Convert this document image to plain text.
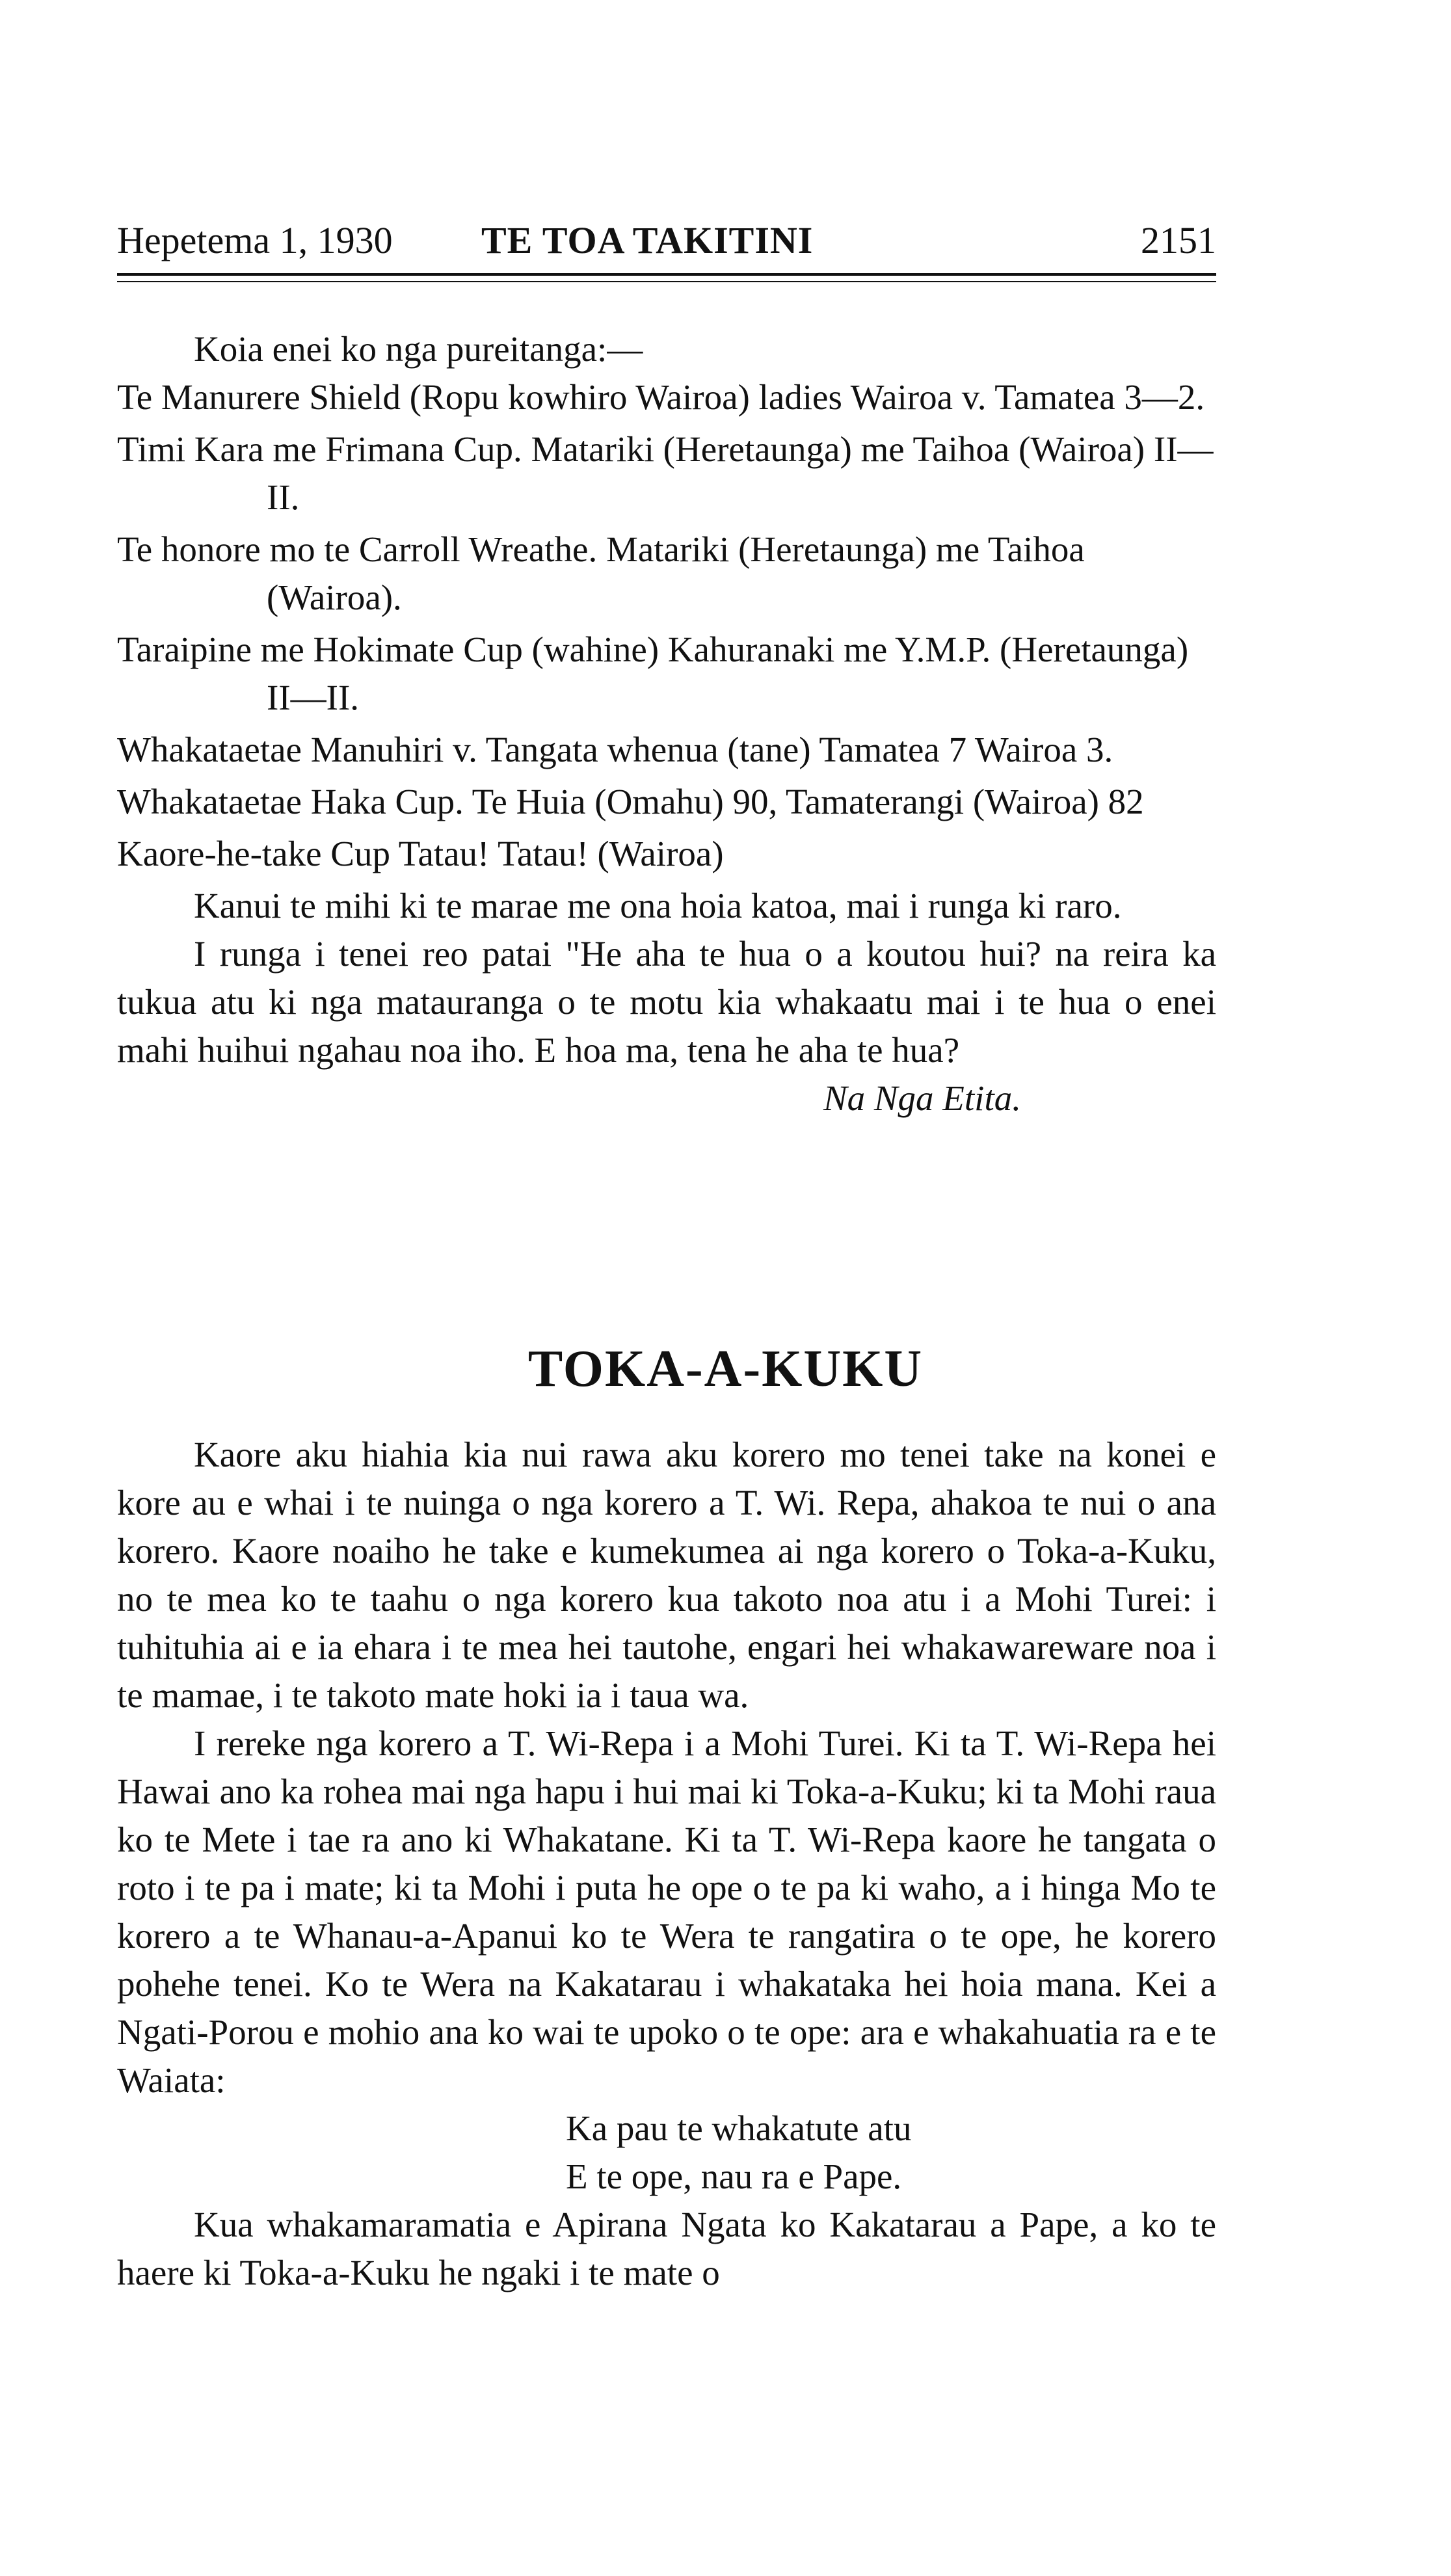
Hepetema 1, 1930 TE TOA TAKITINI	2151

Koia enei ko nga pureitanga:—

Te Manurere Shield (Ropu kowhiro Wairoa) ladies Wairoa v. Tamatea 3—2.

Timi Kara me Frimana Cup. Matariki (Heretaunga) me Taihoa (Wairoa) II—II.

Te honore mo te Carroll Wreathe. Matariki (Heretaunga) me Taihoa (Wairoa).

Taraipine me Hokimate Cup (wahine) Kahuranaki me Y.M.P. (Heretaunga) II—II.

Whakataetae Manuhiri v. Tangata whenua (tane) Tamatea 7 Wairoa 3.

Whakataetae Haka Cup. Te Huia (Omahu) 90, Tamaterangi (Wairoa) 82

Kaore-he-take Cup Tatau! Tatau! (Wairoa)

Kanui te mihi ki te marae me ona hoia katoa, mai i runga ki raro.

I runga i tenei reo patai "He aha te hua o a koutou hui? na reira ka tukua atu ki nga matauranga o te motu kia whakaatu mai i te hua o enei mahi huihui ngahau noa iho. E hoa ma, tena he aha te hua?

Na Nga Etita.

TOKA-A-KUKU

Kaore aku hiahia kia nui rawa aku korero mo tenei take na konei e kore au e whai i te nuinga o nga korero a T. Wi. Repa, ahakoa te nui o ana korero. Kaore noaiho he take e kumekumea ai nga korero o Toka-a-Kuku, no te mea ko te taahu o nga korero kua takoto noa atu i a Mohi Turei: i tuhituhia ai e ia ehara i te mea hei tautohe, engari hei whakawareware noa i te mamae, i te takoto mate hoki ia i taua wa.

I rereke nga korero a T. Wi-Repa i a Mohi Turei. Ki ta T. Wi-Repa hei Hawai ano ka rohea mai nga hapu i hui mai ki Toka-a-Kuku; ki ta Mohi raua ko te Mete i tae ra ano ki Whakatane. Ki ta T. Wi-Repa kaore he tangata o roto i te pa i mate; ki ta Mohi i puta he ope o te pa ki waho, a i hinga Mo te korero a te Whanau-a-Apanui ko te Wera te rangatira o te ope, he korero pohehe tenei. Ko te Wera na Kakatarau i whakataka hei hoia mana. Kei a Ngati-Porou e mohio ana ko wai te upoko o te ope: ara e whakahuatia ra e te Waiata:

Ka pau te whakatute atu

E te ope, nau ra e Pape.

Kua whakamaramatia e Apirana Ngata ko Kakatarau a Pape, a ko te haere ki Toka-a-Kuku he ngaki i te mate o
